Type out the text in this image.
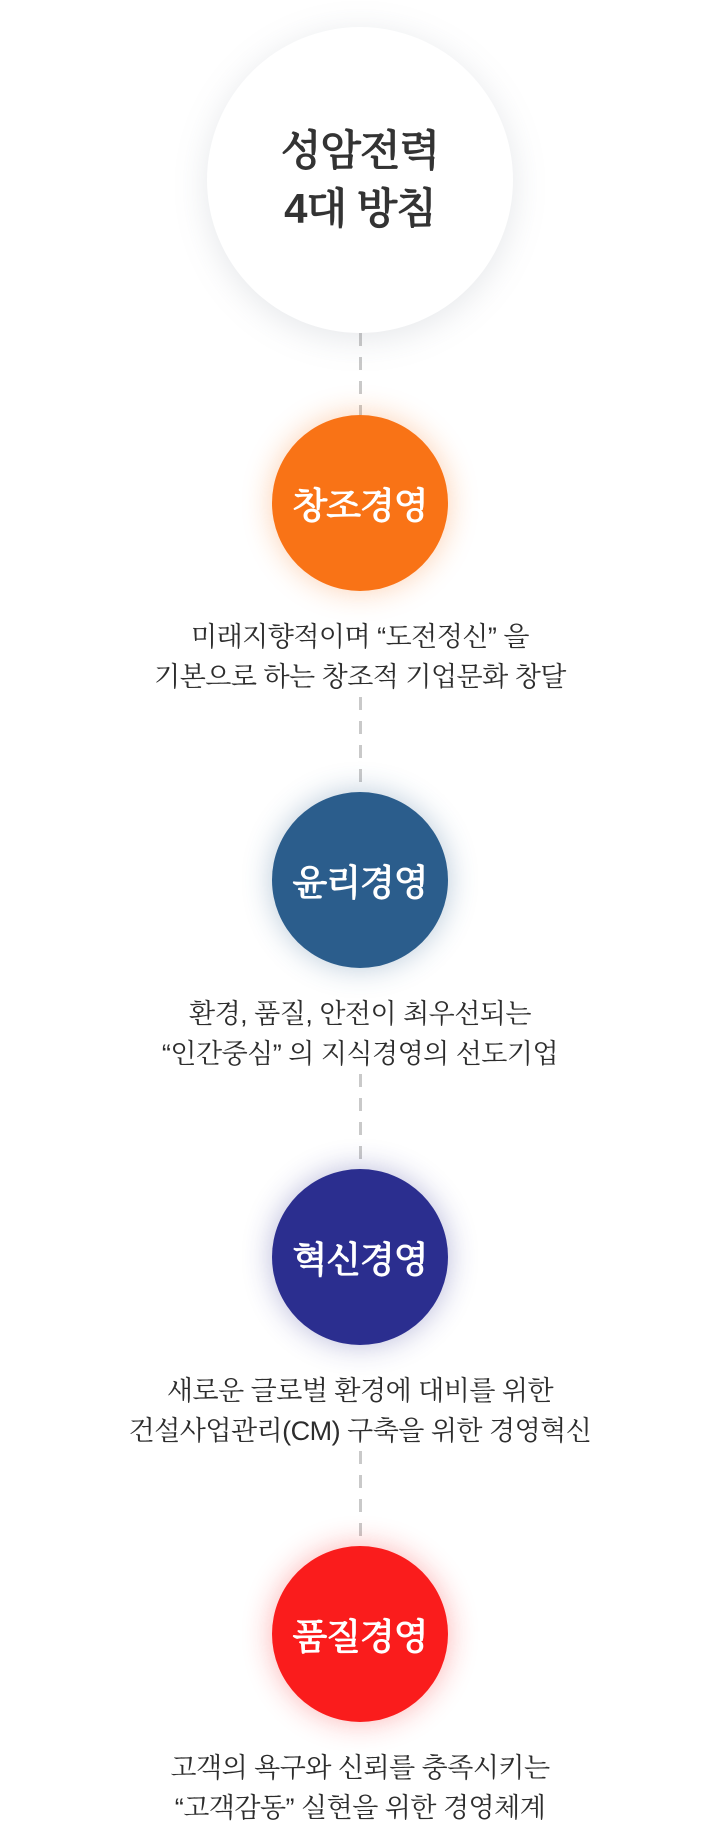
성암전력
4대 방침
창조경영
미래지향적이며 “도전정신” 을
기본으로 하는 창조적 기업문화 창달
윤리경영
환경, 품질, 안전이 최우선되는
“인간중심” 의 지식경영의 선도기업
혁신경영
새로운 글로벌 환경에 대비를 위한
건설사업관리(CM) 구축을 위한 경영혁신
품질경영
고객의 욕구와 신뢰를 충족시키는
“고객감동” 실현을 위한 경영체계
